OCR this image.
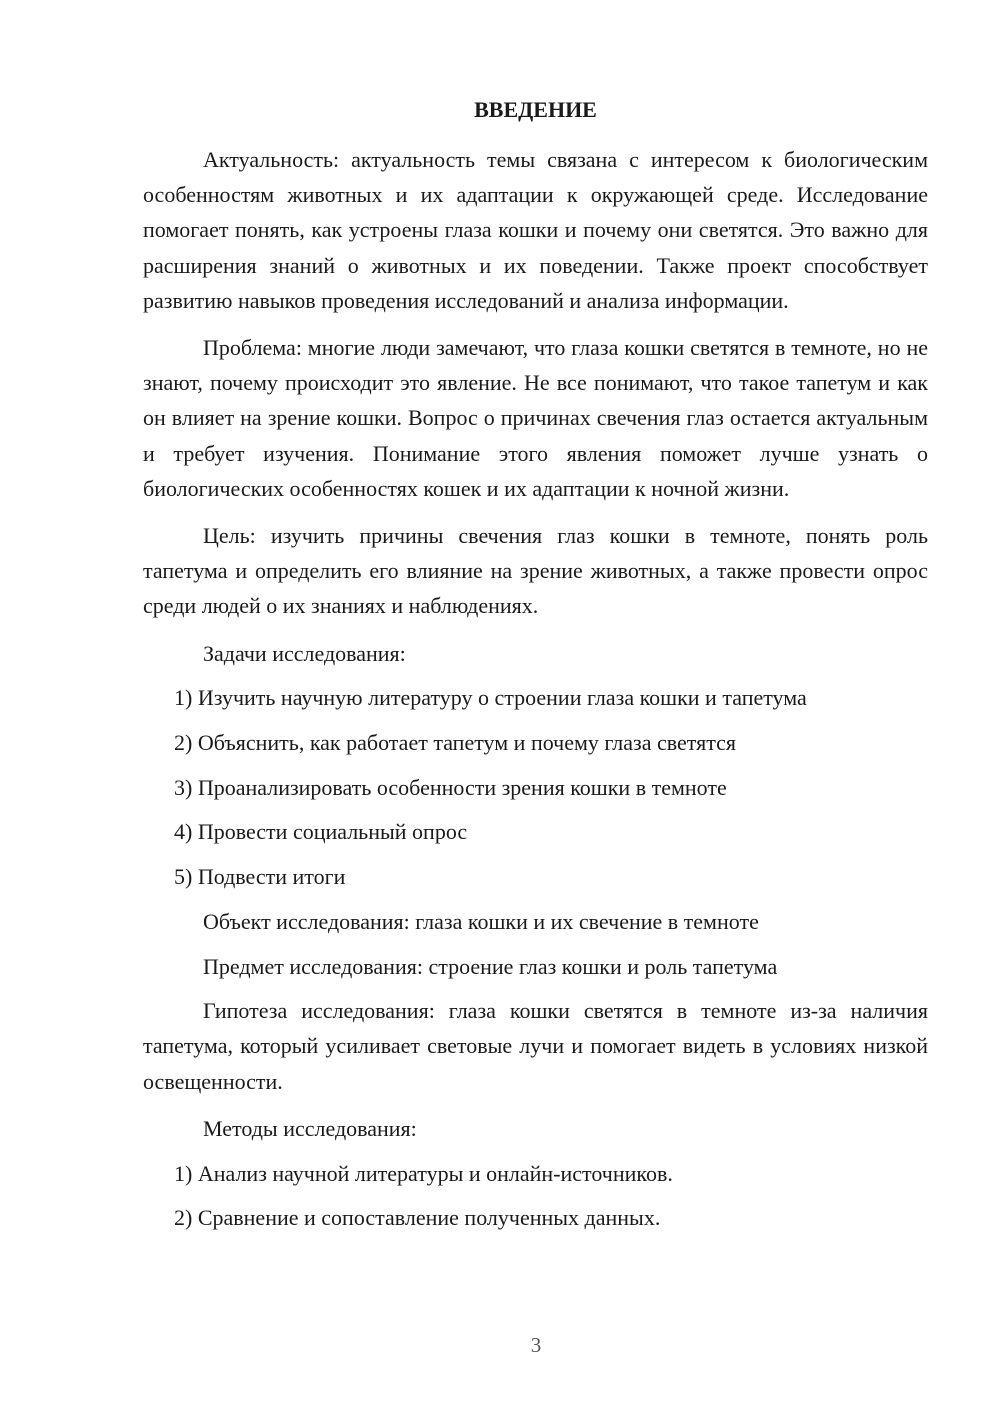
ВВЕДЕНИЕ

Актуальность: актуальность темы связана с интересом к биологическим особенностям животных и их адаптации к окружающей среде. Исследование помогает понять, как устроены глаза кошки и почему они светятся. Это важно для расширения знаний о животных и их поведении. Также проект способствует развитию навыков проведения исследований и анализа информации.

Проблема: многие люди замечают, что глаза кошки светятся в темноте, но не знают, почему происходит это явление. Не все понимают, что такое тапетум и как он влияет на зрение кошки. Вопрос о причинах свечения глаз остается актуальным и требует изучения. Понимание этого явления поможет лучше узнать о биологических особенностях кошек и их адаптации к ночной жизни.

Цель: изучить причины свечения глаз кошки в темноте, понять роль тапетума и определить его влияние на зрение животных, а также провести опрос среди людей о их знаниях и наблюдениях.

Задачи исследования:

1) Изучить научную литературу о строении глаза кошки и тапетума

2) Объяснить, как работает тапетум и почему глаза светятся

3) Проанализировать особенности зрения кошки в темноте

4) Провести социальный опрос

5) Подвести итоги

Объект исследования: глаза кошки и их свечение в темноте

Предмет исследования: строение глаз кошки и роль тапетума

Гипотеза исследования: глаза кошки светятся в темноте из-за наличия тапетума, который усиливает световые лучи и помогает видеть в условиях низкой освещенности.

Методы исследования:

1) Анализ научной литературы и онлайн-источников.

2) Сравнение и сопоставление полученных данных.

3
